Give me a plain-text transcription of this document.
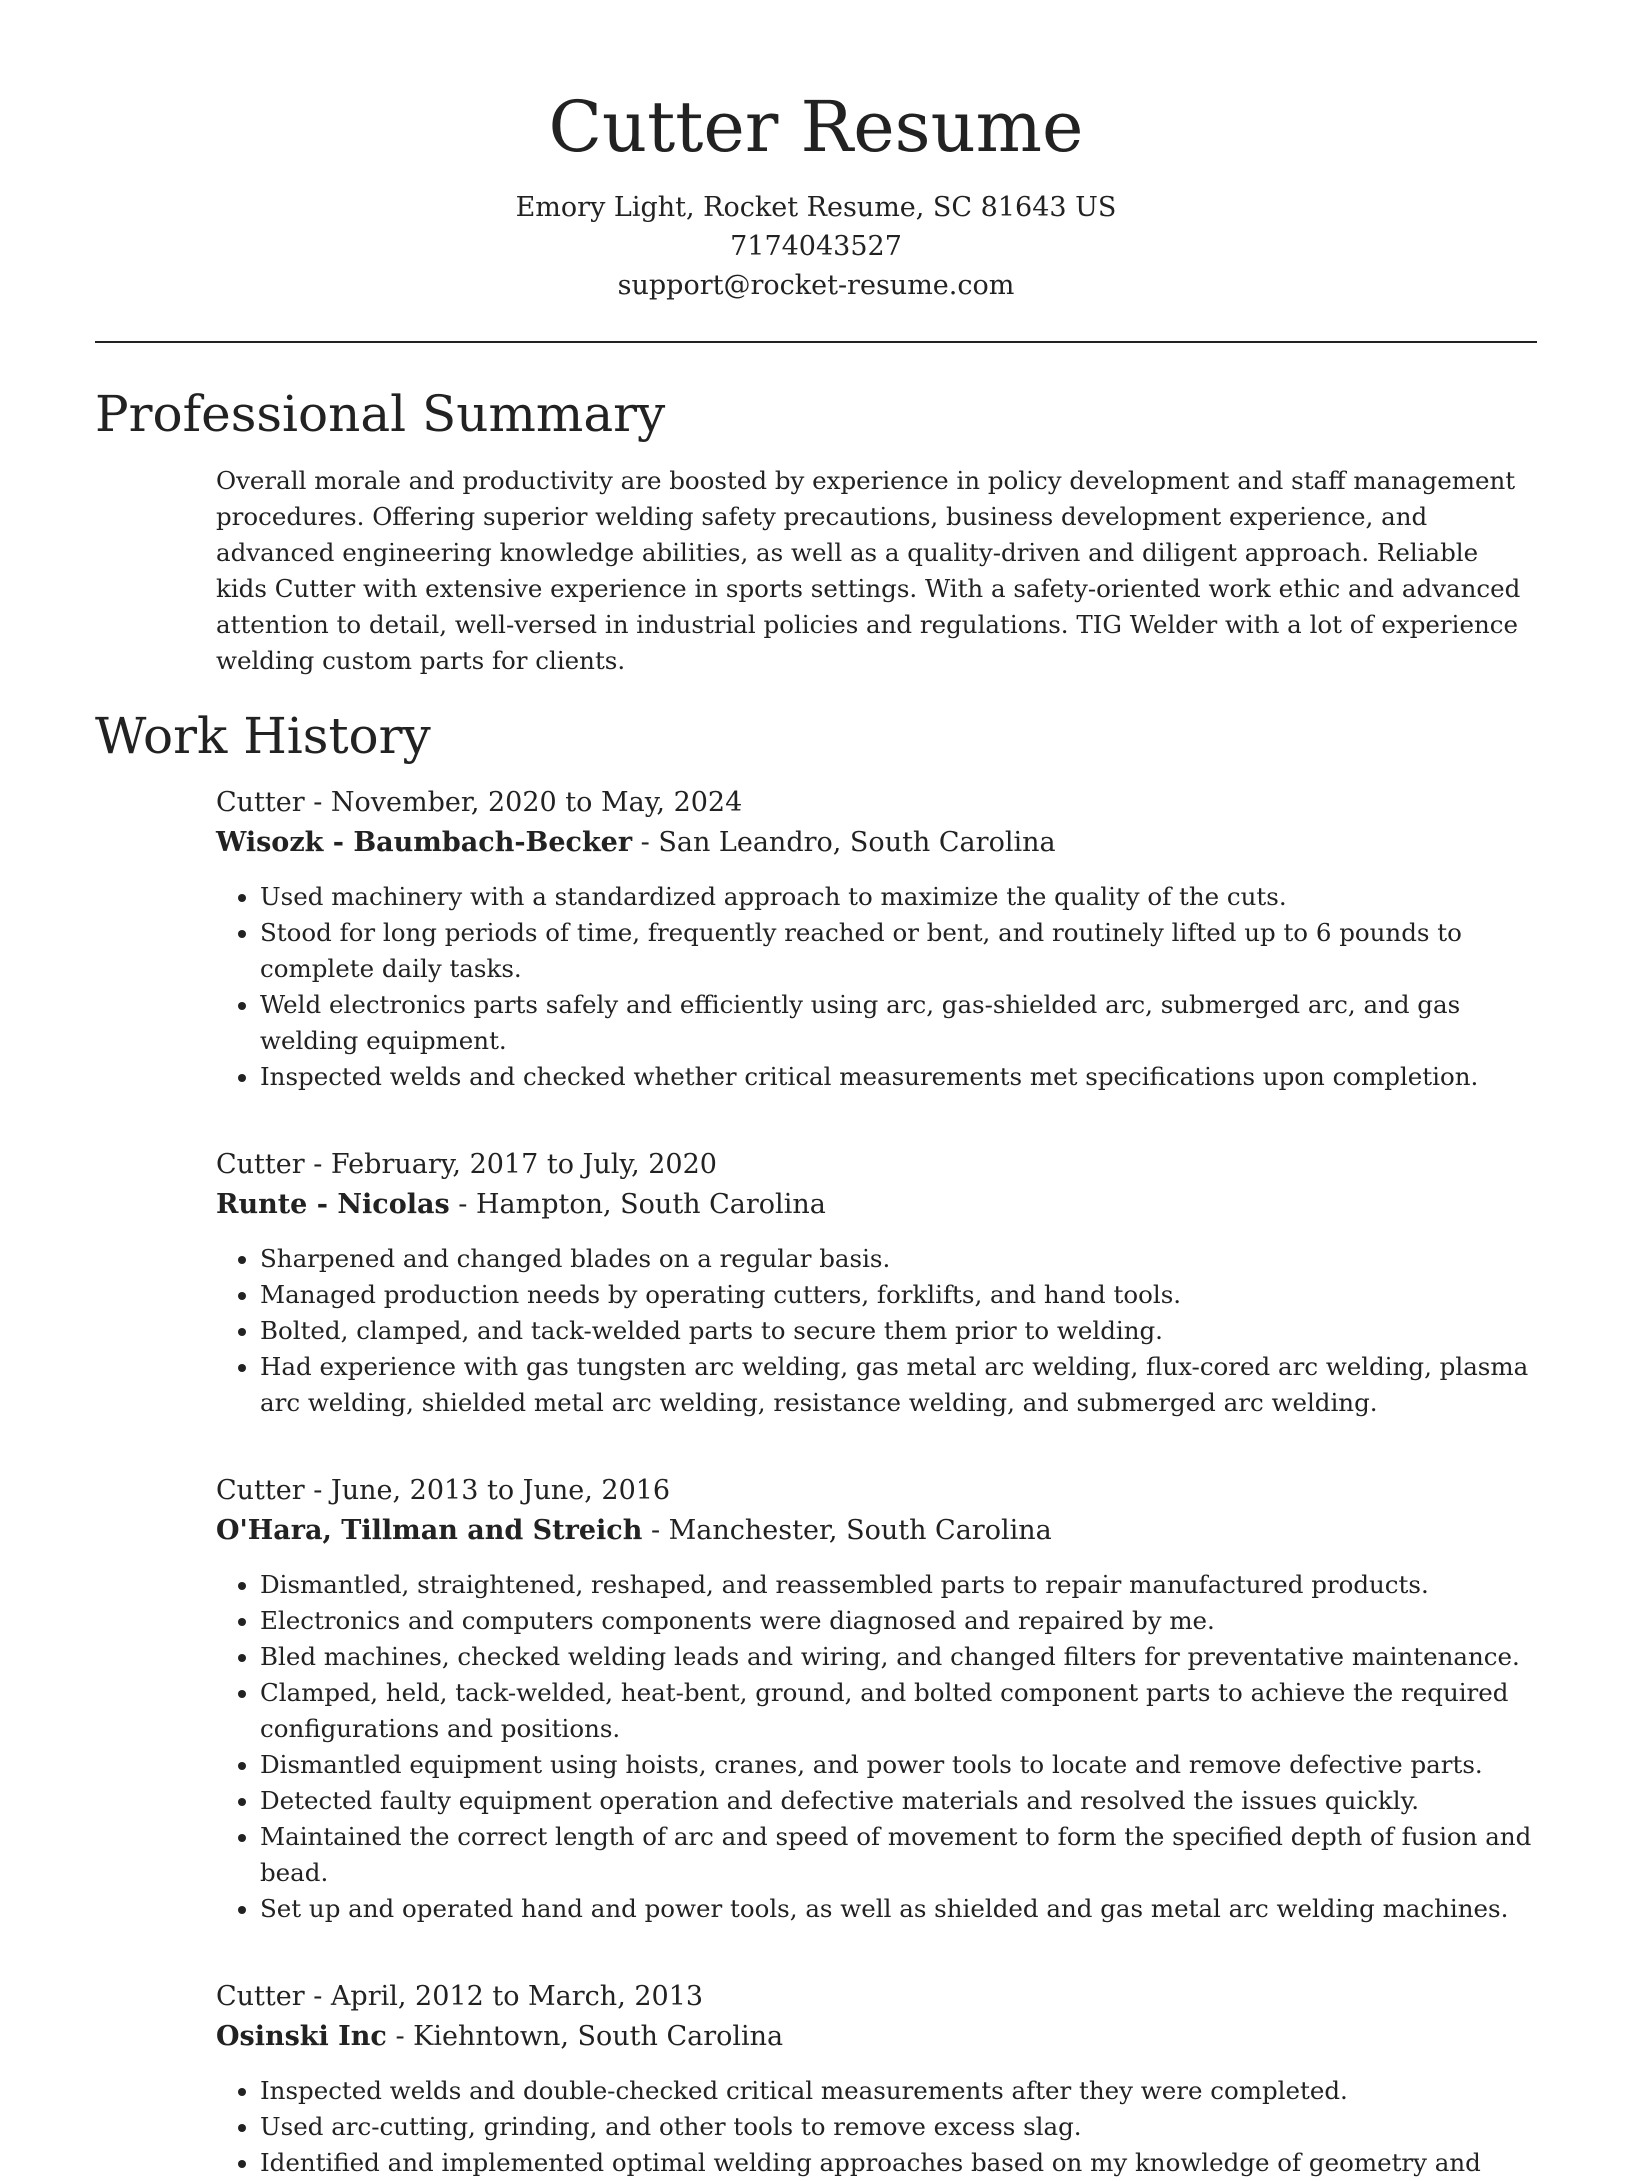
Cutter Resume
Emory Light, Rocket Resume, SC 81643 US
7174043527
support@rocket-resume.com
Professional Summary

Overall morale and productivity are boosted by experience in policy development and staff management procedures. Offering superior welding safety precautions, business development experience, and advanced engineering knowledge abilities, as well as a quality-driven and diligent approach. Reliable kids Cutter with extensive experience in sports settings. With a safety-oriented work ethic and advanced attention to detail, well-versed in industrial policies and regulations. TIG Welder with a lot of experience welding custom parts for clients.

Work History
Cutter - November, 2020 to May, 2024
Wisozk - Baumbach-Becker - San Leandro, South Carolina
• Used machinery with a standardized approach to maximize the quality of the cuts.
• Stood for long periods of time, frequently reached or bent, and routinely lifted up to 6 pounds to complete daily tasks.
• Weld electronics parts safely and efficiently using arc, gas-shielded arc, submerged arc, and gas welding equipment.
• Inspected welds and checked whether critical measurements met specifications upon completion.
Cutter - February, 2017 to July, 2020
Runte - Nicolas - Hampton, South Carolina
• Sharpened and changed blades on a regular basis.
• Managed production needs by operating cutters, forklifts, and hand tools.
• Bolted, clamped, and tack-welded parts to secure them prior to welding.
• Had experience with gas tungsten arc welding, gas metal arc welding, flux-cored arc welding, plasma arc welding, shielded metal arc welding, resistance welding, and submerged arc welding.
Cutter - June, 2013 to June, 2016
O'Hara, Tillman and Streich - Manchester, South Carolina
• Dismantled, straightened, reshaped, and reassembled parts to repair manufactured products.
• Electronics and computers components were diagnosed and repaired by me.
• Bled machines, checked welding leads and wiring, and changed filters for preventative maintenance.
• Clamped, held, tack-welded, heat-bent, ground, and bolted component parts to achieve the required configurations and positions.
• Dismantled equipment using hoists, cranes, and power tools to locate and remove defective parts.
• Detected faulty equipment operation and defective materials and resolved the issues quickly.
• Maintained the correct length of arc and speed of movement to form the specified depth of fusion and bead.
• Set up and operated hand and power tools, as well as shielded and gas metal arc welding machines.
Cutter - April, 2012 to March, 2013
Osinski Inc - Kiehntown, South Carolina
• Inspected welds and double-checked critical measurements after they were completed.
• Used arc-cutting, grinding, and other tools to remove excess slag.
• Identified and implemented optimal welding approaches based on my knowledge of geometry and
